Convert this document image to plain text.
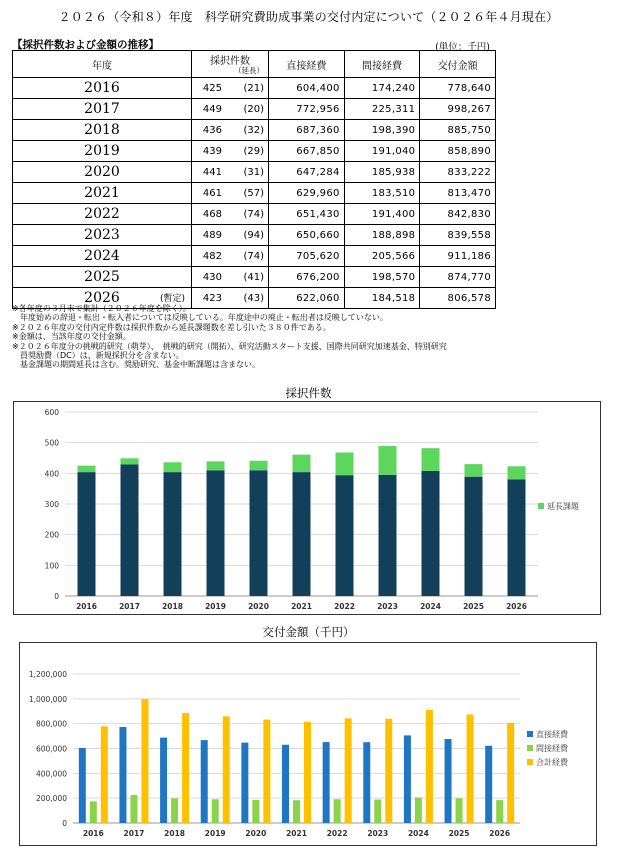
２０２６（令和８）年度　科学研究費助成事業の交付内定について（２０２６年４月現在）
【採択件数および金額の推移】	(単位：千円)
年度	採択件数
（延長）		直接経費	間接経費	交付金額
2016	425	(21)	604,400	174,240	778,640
2017	449	(20)	772,956	225,311	998,267
2018	436	(32)	687,360	198,390	885,750
2019	439	(29)	667,850	191,040	858,890
2020	441	(31)	647,284	185,938	833,222
2021	461	(57)	629,960	183,510	813,470
2022	468	(74)	651,430	191,400	842,830
2023	489	(94)	650,660	188,898	839,558
2024	482	(74)	705,620	205,566	911,186
2025	430	(41)	676,200	198,570	874,770
2026 (暫定)	423	(43)	622,060	184,518	806,578
※各年度の３月末で集計（２０２６年度を除く）。
　年度始めの辞退・転出・転入者については反映している。年度途中の廃止・転出者は反映していない。
※２０２６年度の交付内定件数は採択件数から延長課題数を差し引いた３８０件である。
※金額は、当該年度の交付金額。
※２０２６年度分の挑戦的研究（萌芽）、　挑戦的研究（開拓）、研究活動スタート支援、国際共同研究加速基金、特別研究
　員奨励費（DC）は、新規採択分を含まない。
　基金課題の期間延長は含む。奨励研究、基金中断課題は含まない。
採択件数
0
100
200
300
400
500
600
2016	2017	2018	2019	2020	2021	2022	2023	2024	2025	2026
延長課題
交付金額（千円）
0
200,000
400,000
600,000
800,000
1,000,000
1,200,000
2016	2017	2018	2019	2020	2021	2022	2023	2024	2025	2026
直接経費
間接経費
合計経費
